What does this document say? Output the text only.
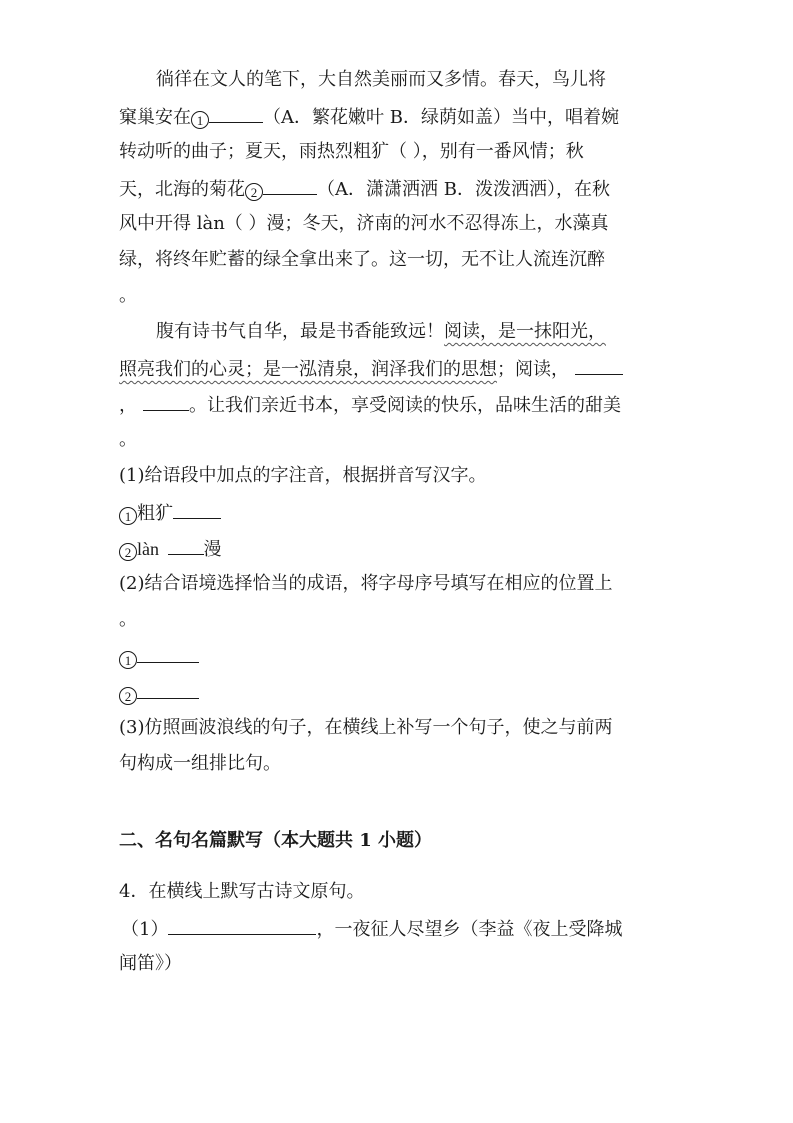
徜徉在文人的笔下，大自然美丽而又多情。春天，鸟儿将
窠巢安在 1	（A．繁花嫩叶 B．绿荫如盖）当中，唱着婉
转动听的曲子；夏天，雨热烈粗犷（ ），别有一番风情；秋
天，北海的菊花 2	（A．潇潇洒洒 B．泼泼洒洒），在秋
风中开得 làn（ ）漫；冬天，济南的河水不忍得冻上，水藻真
绿，将终年贮蓄的绿全拿出来了。这一切，无不让人流连沉醉
。
腹有诗书气自华，最是书香能致远！阅读，是一抹阳光，
照亮我们的心灵；是一泓清泉，润泽我们的思想；阅读，
，	。让我们亲近书本，享受阅读的快乐，品味生活的甜美
。
(1)给语段中加点的字注音，根据拼音写汉字。
1 粗犷
2 làn 漫
(2)结合语境选择恰当的成语，将字母序号填写在相应的位置上
。
1
2
(3)仿照画波浪线的句子，在横线上补写一个句子，使之与前两
句构成一组排比句。
二、名句名篇默写（本大题共 1 小题）
4．在横线上默写古诗文原句。
（1）	，一夜征人尽望乡（李益《夜上受降城
闻笛》）
